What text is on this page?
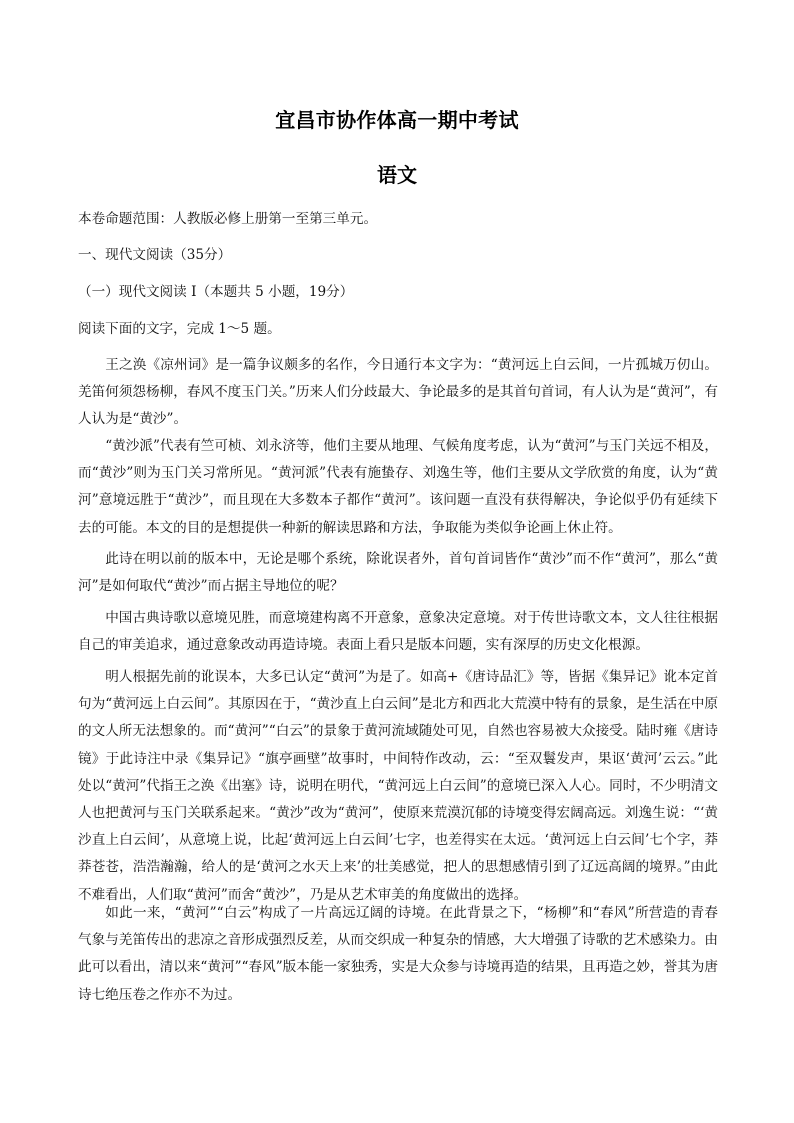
宜昌市协作体高一期中考试
语文
本卷命题范围：人教版必修上册第一至第三单元。
一、现代文阅读（35分）
（一）现代文阅读 I（本题共 5 小题，19分）
阅读下面的文字，完成 1～5 题。
王之涣《凉州词》是一篇争议颇多的名作，今日通行本文字为：“黄河远上白云间，一片孤城万仞山。羌笛何须怨杨柳，春风不度玉门关。”历来人们分歧最大、争论最多的是其首句首词，有人认为是“黄河”，有人认为是“黄沙”。
“黄沙派”代表有竺可桢、刘永济等，他们主要从地理、气候角度考虑，认为“黄河”与玉门关远不相及，而“黄沙”则为玉门关习常所见。“黄河派”代表有施蛰存、刘逸生等，他们主要从文学欣赏的角度，认为“黄河”意境远胜于“黄沙”，而且现在大多数本子都作“黄河”。该问题一直没有获得解决，争论似乎仍有延续下去的可能。本文的目的是想提供一种新的解读思路和方法，争取能为类似争论画上休止符。
此诗在明以前的版本中，无论是哪个系统，除讹误者外，首句首词皆作“黄沙”而不作“黄河”，那么“黄河”是如何取代“黄沙”而占据主导地位的呢？
中国古典诗歌以意境见胜，而意境建构离不开意象，意象决定意境。对于传世诗歌文本，文人往往根据自己的审美追求，通过意象改动再造诗境。表面上看只是版本问题，实有深厚的历史文化根源。
明人根据先前的讹误本，大多已认定“黄河”为是了。如高+《唐诗品汇》等，皆据《集异记》讹本定首句为“黄河远上白云间”。其原因在于，“黄沙直上白云间”是北方和西北大荒漠中特有的景象，是生活在中原的文人所无法想象的。而“黄河”“白云”的景象于黄河流域随处可见，自然也容易被大众接受。陆时雍《唐诗镜》于此诗注中录《集异记》“旗亭画壁”故事时，中间特作改动，云：“至双鬟发声，果讴‘黄河’云云。”此处以“黄河”代指王之涣《出塞》诗，说明在明代，“黄河远上白云间”的意境已深入人心。同时，不少明清文人也把黄河与玉门关联系起来。“黄沙”改为“黄河”，使原来荒漠沉郁的诗境变得宏阔高远。刘逸生说：“‘黄沙直上白云间’，从意境上说，比起‘黄河远上白云间’七字，也差得实在太远。‘黄河远上白云间’七个字，莽莽苍苍，浩浩瀚瀚，给人的是‘黄河之水天上来’的壮美感觉，把人的思想感情引到了辽远高阔的境界。”由此不难看出，人们取“黄河”而舍“黄沙”，乃是从艺术审美的角度做出的选择。
如此一来，“黄河”“白云”构成了一片高远辽阔的诗境。在此背景之下，“杨柳”和“春风”所营造的青春气象与羌笛传出的悲凉之音形成强烈反差，从而交织成一种复杂的情感，大大增强了诗歌的艺术感染力。由此可以看出，清以来“黄河”“春风”版本能一家独秀，实是大众参与诗境再造的结果，且再造之妙，誉其为唐诗七绝压卷之作亦不为过。
